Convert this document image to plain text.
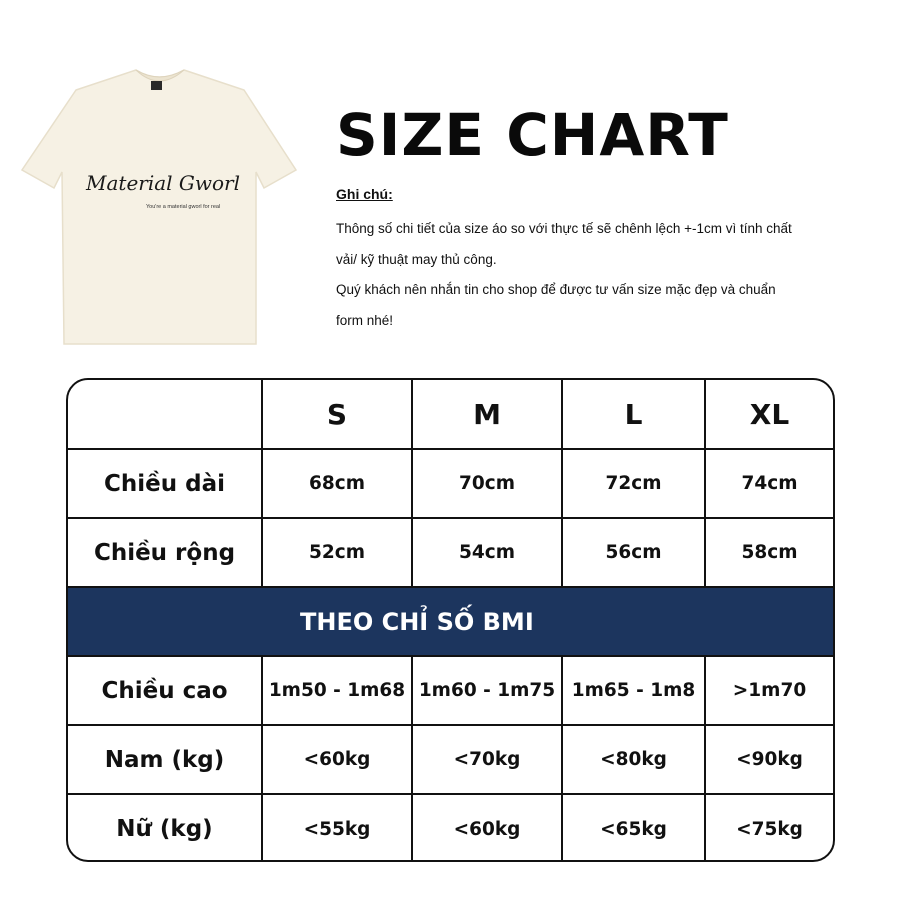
Material Gworl
You're a material gworl for real
SIZE CHART
Ghi chú:

Thông số chi tiết của size áo so với thực tế sẽ chênh lệch +-1cm vì tính chất

vải/ kỹ thuật may thủ công.

Quý khách nên nhắn tin cho shop để được tư vấn size mặc đẹp và chuẩn

form nhé!

	S	M	L	XL
Chiều dài	68cm	70cm	72cm	74cm
Chiều rộng	52cm	54cm	56cm	58cm
THEO CHỈ SỐ BMI				
Chiều cao	1m50 - 1m68	1m60 - 1m75	1m65 - 1m8	>1m70
Nam (kg)	<60kg	<70kg	<80kg	<90kg
Nữ (kg)	<55kg	<60kg	<65kg	<75kg
